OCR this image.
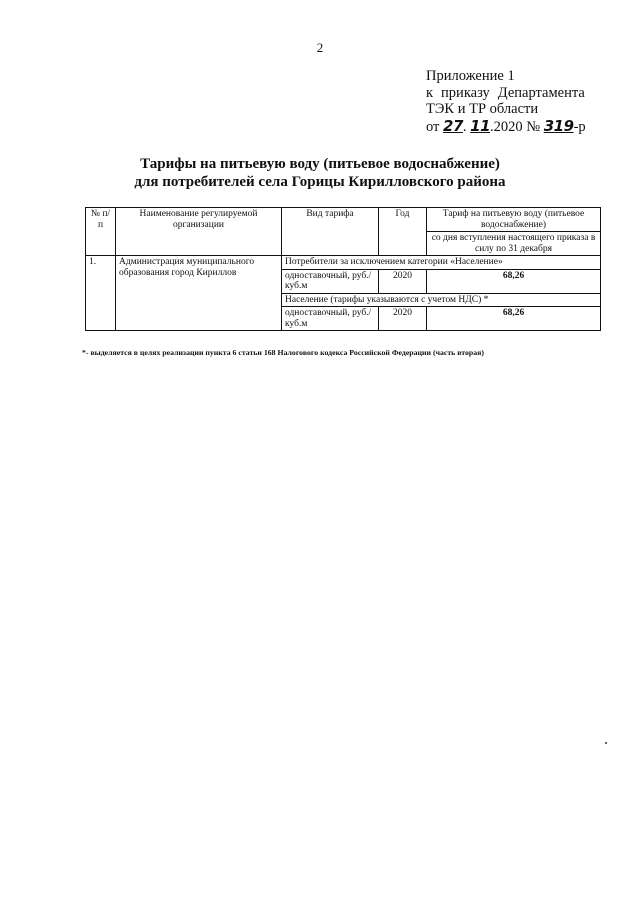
2
Приложение 1
к приказу Департамента
ТЭК и ТР области
от 27. 11.2020 № 319-р
Тарифы на питьевую воду (питьевое водоснабжение)
для потребителей села Горицы Кирилловского района
№ п/п	Наименование регулируемой организации	Вид тарифа	Год	Тариф на питьевую воду (питьевое водоснабжение)
				со дня вступления настоящего приказа в силу по 31 декабря
1.	Администрация муниципального образования город Кириллов	Потребители за исключением категории «Население»		
		одноставочный, руб./куб.м	2020	68,26
		Население (тарифы указываются с учетом НДС) *		
		одноставочный, руб./куб.м	2020	68,26
*- выделяется в целях реализации пункта 6 статьи 168 Налогового кодекса Российской Федерации (часть вторая)
